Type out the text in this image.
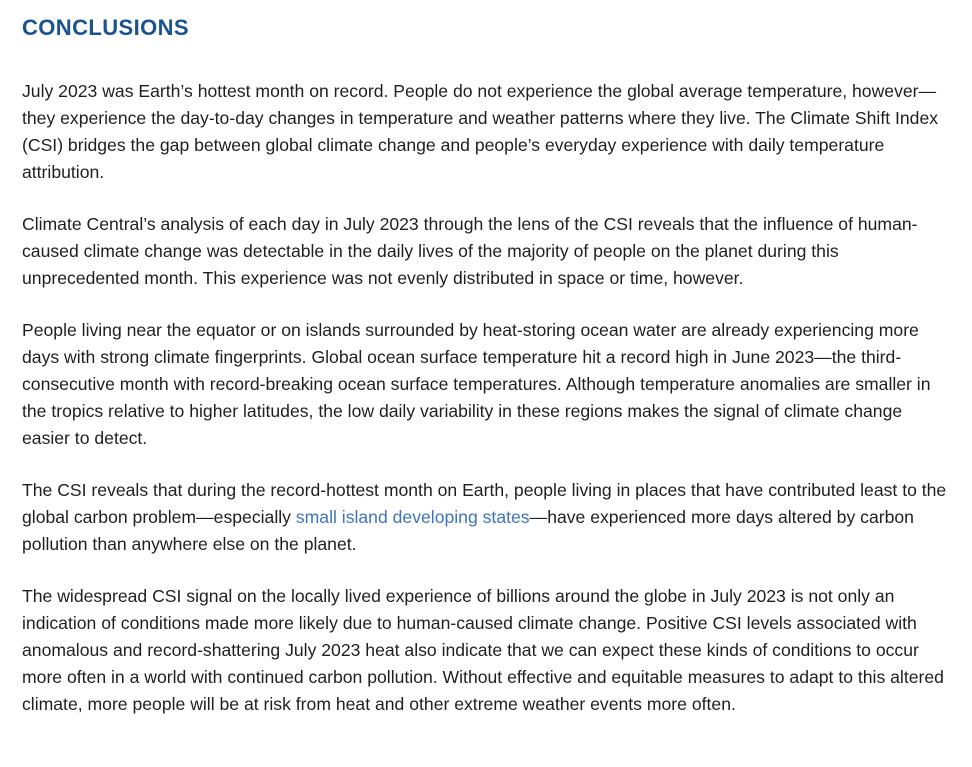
CONCLUSIONS

July 2023 was Earth’s hottest month on record. People do not experience the global average temperature, however—they experience the day-to-day changes in temperature and weather patterns where they live. The Climate Shift Index (CSI) bridges the gap between global climate change and people’s everyday experience with daily temperature attribution.

Climate Central’s analysis of each day in July 2023 through the lens of the CSI reveals that the influence of human-caused climate change was detectable in the daily lives of the majority of people on the planet during this unprecedented month. This experience was not evenly distributed in space or time, however.

People living near the equator or on islands surrounded by heat-storing ocean water are already experiencing more days with strong climate fingerprints. Global ocean surface temperature hit a record high in June 2023—the third-consecutive month with record-breaking ocean surface temperatures. Although temperature anomalies are smaller in the tropics relative to higher latitudes, the low daily variability in these regions makes the signal of climate change easier to detect.

The CSI reveals that during the record-hottest month on Earth, people living in places that have contributed least to the global carbon problem—especially small island developing states—have experienced more days altered by carbon pollution than anywhere else on the planet.

The widespread CSI signal on the locally lived experience of billions around the globe in July 2023 is not only an indication of conditions made more likely due to human-caused climate change. Positive CSI levels associated with anomalous and record-shattering July 2023 heat also indicate that we can expect these kinds of conditions to occur more often in a world with continued carbon pollution. Without effective and equitable measures to adapt to this altered climate, more people will be at risk from heat and other extreme weather events more often.
